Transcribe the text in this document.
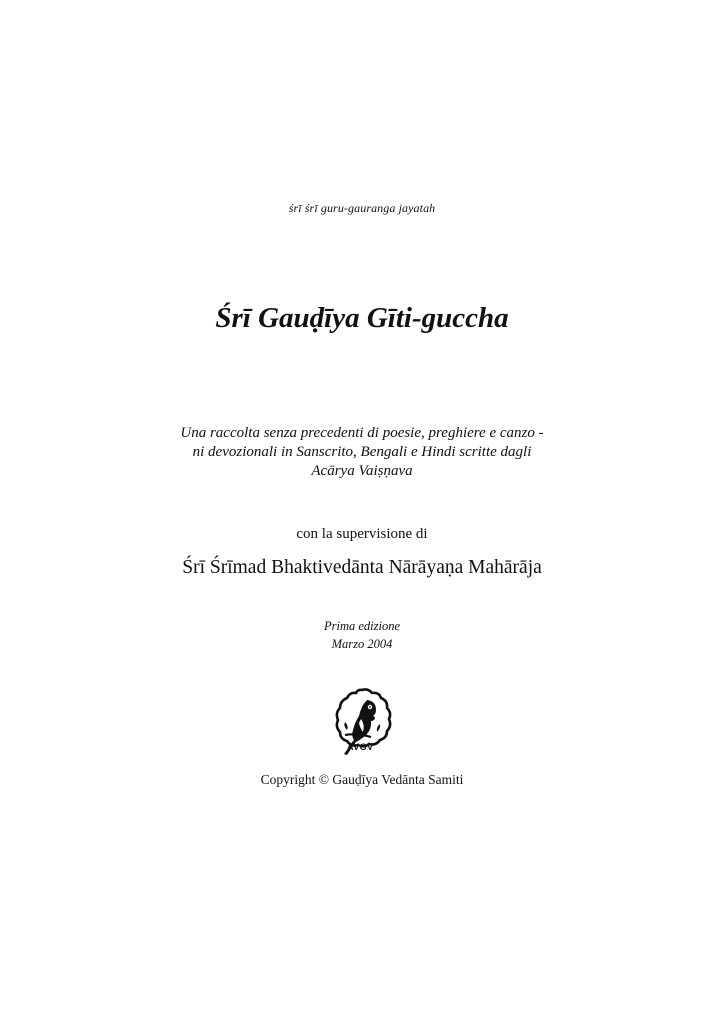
śrī śrī guru-gauranga jayatah
Śrī Gauḍīya Gīti-guccha
Una raccolta senza precedenti di poesie, preghiere e canzo -
ni devozionali in Sanscrito, Bengali e Hindi scritte dagli
Acārya Vaiṣṇava
con la supervisione di
Śrī Śrīmad Bhaktivedānta Nārāyaṇa Mahārāja
Prima edizione
Marzo 2004
AVGV
Copyright © Gauḍīya Vedānta Samiti
